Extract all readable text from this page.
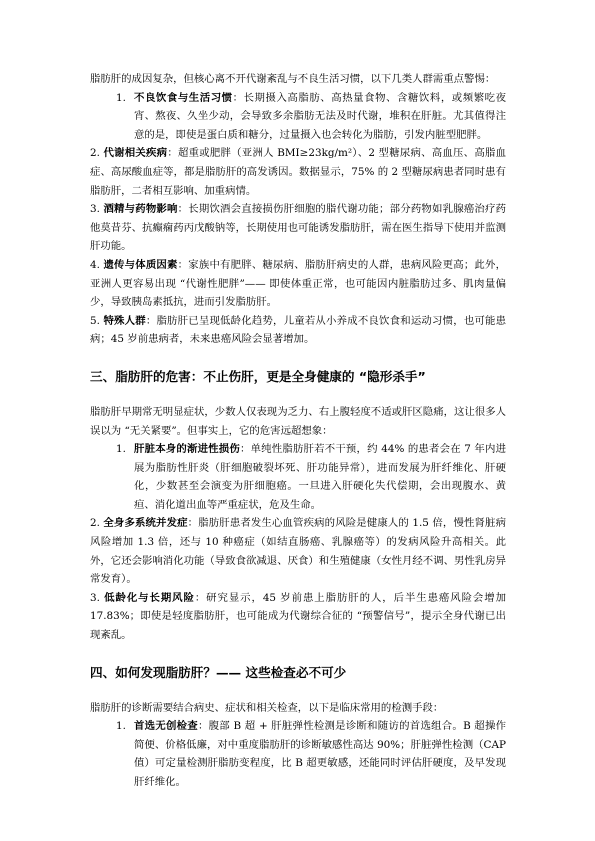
脂肪肝的成因复杂，但核心离不开代谢紊乱与不良生活习惯，以下几类人群需重点警惕：

1. 不良饮食与生活习惯：长期摄入高脂肪、高热量食物、含糖饮料，或频繁吃夜宵、熬夜、久坐少动，会导致多余脂肪无法及时代谢，堆积在肝脏。尤其值得注意的是，即使是蛋白质和糖分，过量摄入也会转化为脂肪，引发内脏型肥胖。
2. 代谢相关疾病：超重或肥胖（亚洲人 BMI≥23kg/m²）、2 型糖尿病、高血压、高脂血症、高尿酸血症等，都是脂肪肝的高发诱因。数据显示，75% 的 2 型糖尿病患者同时患有脂肪肝，二者相互影响、加重病情。
3. 酒精与药物影响：长期饮酒会直接损伤肝细胞的脂代谢功能；部分药物如乳腺癌治疗药他莫昔芬、抗癫痫药丙戊酸钠等，长期使用也可能诱发脂肪肝，需在医生指导下使用并监测肝功能。
4. 遗传与体质因素：家族中有肥胖、糖尿病、脂肪肝病史的人群，患病风险更高；此外，亚洲人更容易出现 “代谢性肥胖”—— 即使体重正常，也可能因内脏脂肪过多、肌肉量偏少，导致胰岛素抵抗，进而引发脂肪肝。
5. 特殊人群：脂肪肝已呈现低龄化趋势，儿童若从小养成不良饮食和运动习惯，也可能患病；45 岁前患病者，未来患癌风险会显著增加。
三、脂肪肝的危害：不止伤肝，更是全身健康的 “隐形杀手”

脂肪肝早期常无明显症状，少数人仅表现为乏力、右上腹轻度不适或肝区隐痛，这让很多人误以为 “无关紧要”。但事实上，它的危害远超想象：

1. 肝脏本身的渐进性损伤：单纯性脂肪肝若不干预，约 44% 的患者会在 7 年内进展为脂肪性肝炎（肝细胞破裂坏死、肝功能异常），进而发展为肝纤维化、肝硬化，少数甚至会演变为肝细胞癌。一旦进入肝硬化失代偿期，会出现腹水、黄疸、消化道出血等严重症状，危及生命。
2. 全身多系统并发症：脂肪肝患者发生心血管疾病的风险是健康人的 1.5 倍，慢性肾脏病风险增加 1.3 倍，还与 10 种癌症（如结直肠癌、乳腺癌等）的发病风险升高相关。此外，它还会影响消化功能（导致食欲减退、厌食）和生殖健康（女性月经不调、男性乳房异常发育）。
3. 低龄化与长期风险：研究显示，45 岁前患上脂肪肝的人，后半生患癌风险会增加 17.83%；即使是轻度脂肪肝，也可能成为代谢综合征的 “预警信号”，提示全身代谢已出现紊乱。
四、如何发现脂肪肝？—— 这些检查必不可少

脂肪肝的诊断需要结合病史、症状和相关检查，以下是临床常用的检测手段：

1. 首选无创检查：腹部 B 超 + 肝脏弹性检测是诊断和随访的首选组合。B 超操作简便、价格低廉，对中重度脂肪肝的诊断敏感性高达 90%；肝脏弹性检测（CAP 值）可定量检测肝脂肪变程度，比 B 超更敏感，还能同时评估肝硬度，及早发现肝纤维化。
